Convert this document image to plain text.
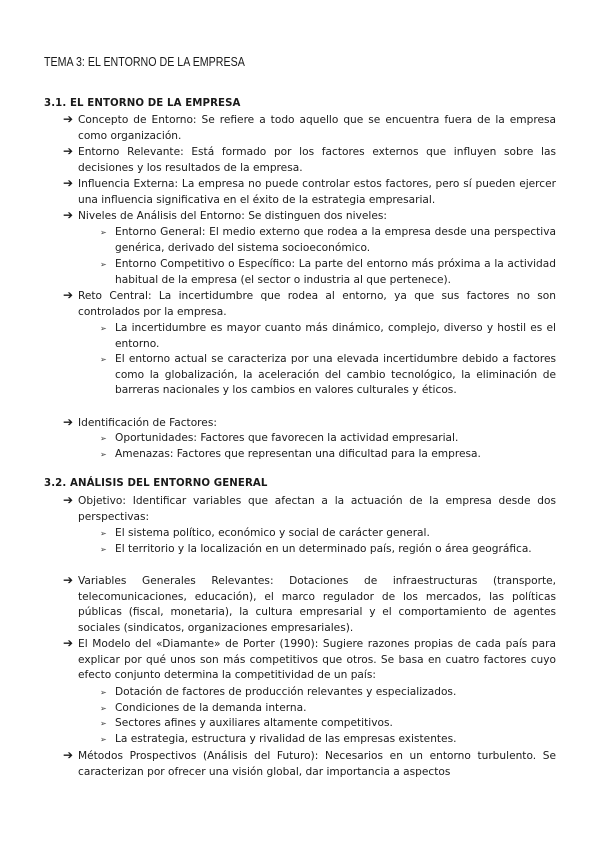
TEMA 3: EL ENTORNO DE LA EMPRESA
3.1. EL ENTORNO DE LA EMPRESA
➔ Concepto de Entorno: Se refiere a todo aquello que se encuentra fuera de la empresa como organización.
➔ Entorno Relevante: Está formado por los factores externos que influyen sobre las decisiones y los resultados de la empresa.
➔ Influencia Externa: La empresa no puede controlar estos factores, pero sí pueden ejercer una influencia significativa en el éxito de la estrategia empresarial.
➔ Niveles de Análisis del Entorno: Se distinguen dos niveles:
➢ Entorno General: El medio externo que rodea a la empresa desde una perspectiva genérica, derivado del sistema socioeconómico.
➢ Entorno Competitivo o Específico: La parte del entorno más próxima a la actividad habitual de la empresa (el sector o industria al que pertenece).
➔ Reto Central: La incertidumbre que rodea al entorno, ya que sus factores no son controlados por la empresa.
➢ La incertidumbre es mayor cuanto más dinámico, complejo, diverso y hostil es el entorno.
➢ El entorno actual se caracteriza por una elevada incertidumbre debido a factores como la globalización, la aceleración del cambio tecnológico, la eliminación de barreras nacionales y los cambios en valores culturales y éticos.
➔ Identificación de Factores:
➢ Oportunidades: Factores que favorecen la actividad empresarial.
➢ Amenazas: Factores que representan una dificultad para la empresa.
3.2. ANÁLISIS DEL ENTORNO GENERAL
➔ Objetivo: Identificar variables que afectan a la actuación de la empresa desde dos perspectivas:
➢ El sistema político, económico y social de carácter general.
➢ El territorio y la localización en un determinado país, región o área geográfica.
➔ Variables Generales Relevantes: Dotaciones de infraestructuras (transporte, telecomunicaciones, educación), el marco regulador de los mercados, las políticas públicas (fiscal, monetaria), la cultura empresarial y el comportamiento de agentes sociales (sindicatos, organizaciones empresariales).
➔ El Modelo del «Diamante» de Porter (1990): Sugiere razones propias de cada país para explicar por qué unos son más competitivos que otros. Se basa en cuatro factores cuyo efecto conjunto determina la competitividad de un país:
➢ Dotación de factores de producción relevantes y especializados.
➢ Condiciones de la demanda interna.
➢ Sectores afines y auxiliares altamente competitivos.
➢ La estrategia, estructura y rivalidad de las empresas existentes.
➔ Métodos Prospectivos (Análisis del Futuro): Necesarios en un entorno turbulento. Se caracterizan por ofrecer una visión global, dar importancia a aspectos
